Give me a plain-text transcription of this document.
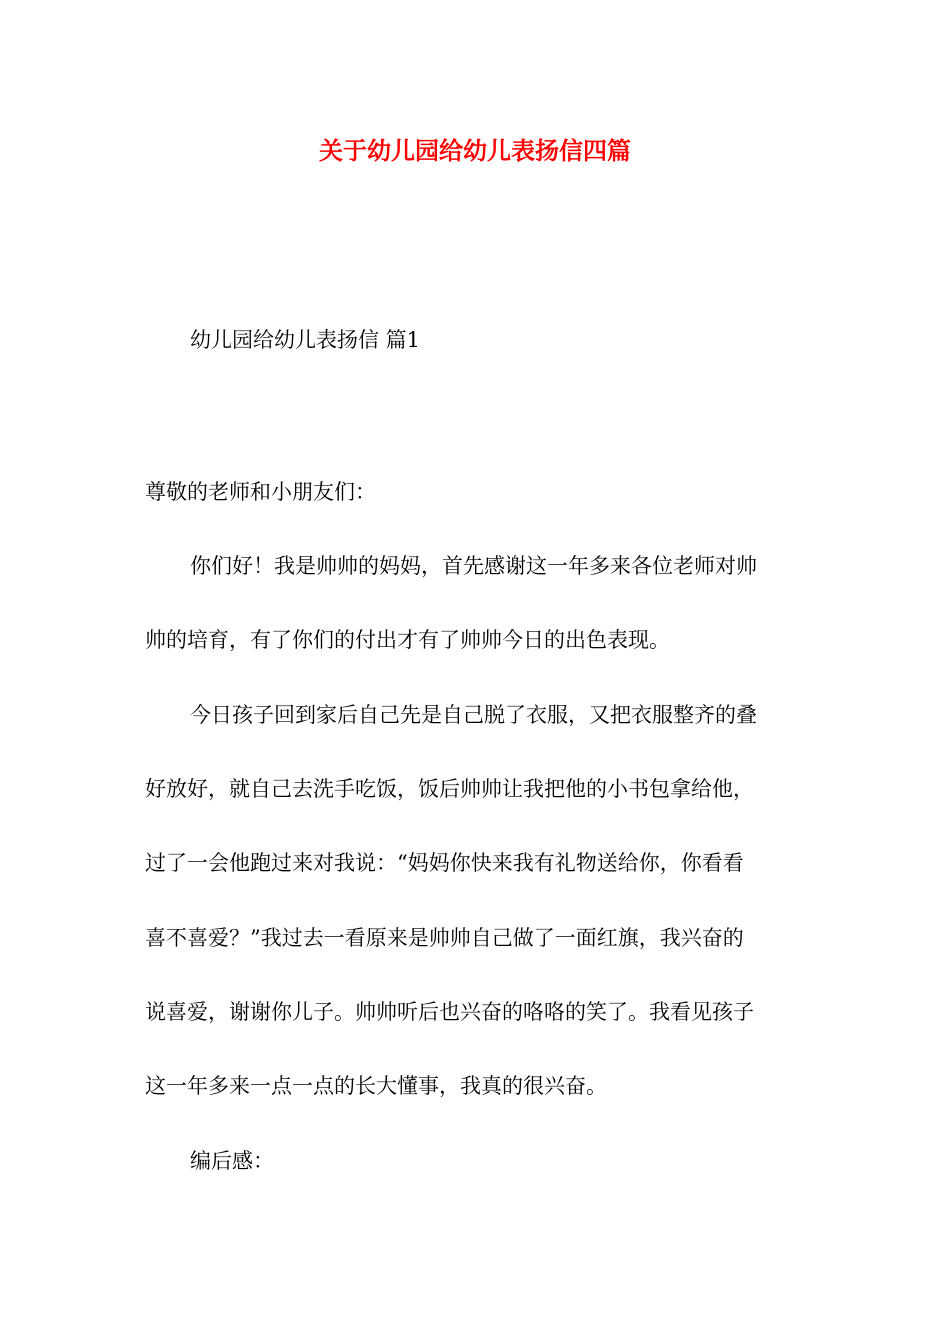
关于幼儿园给幼儿表扬信四篇
幼儿园给幼儿表扬信 篇1
尊敬的老师和小朋友们：
你们好！我是帅帅的妈妈，首先感谢这一年多来各位老师对帅
帅的培育，有了你们的付出才有了帅帅今日的出色表现。
今日孩子回到家后自己先是自己脱了衣服，又把衣服整齐的叠
好放好，就自己去洗手吃饭，饭后帅帅让我把他的小书包拿给他，
过了一会他跑过来对我说：“妈妈你快来我有礼物送给你，你看看
喜不喜爱？”我过去一看原来是帅帅自己做了一面红旗，我兴奋的
说喜爱，谢谢你儿子。帅帅听后也兴奋的咯咯的笑了。我看见孩子
这一年多来一点一点的长大懂事，我真的很兴奋。
编后感：
